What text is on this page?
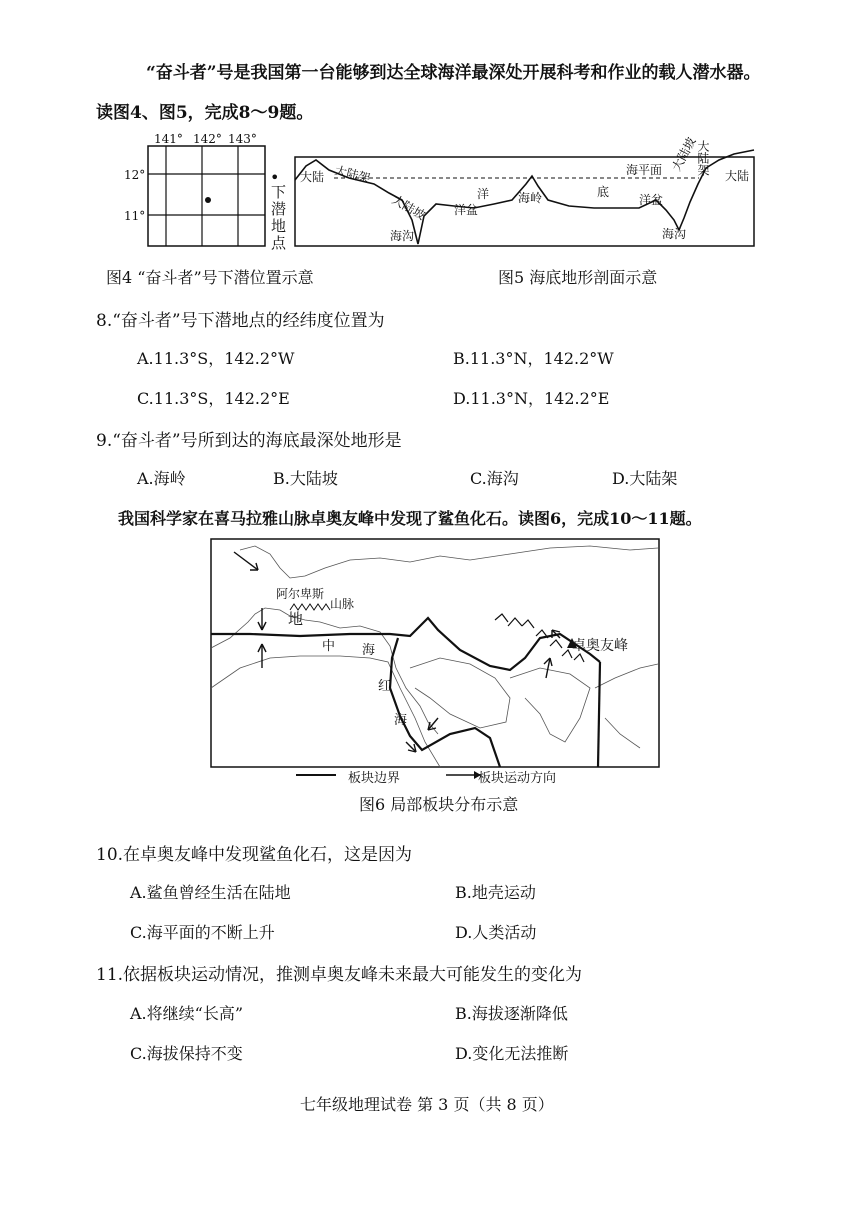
“奋斗者”号是我国第一台能够到达全球海洋最深处开展科考和作业的载人潜水器。
读图4、图5，完成8～9题。
141° 142° 143°
12°
11°
•
下潜地点
大陆 大陆架
大陆坡
海沟
洋
洋盆
海岭	底
海平面
洋盆
大陆坡
大陆架 大陆
海沟
图4 “奋斗者”号下潜位置示意	图5 海底地形剖面示意
8.“奋斗者”号下潜地点的经纬度位置为
A.11.3°S，142.2°W	B.11.3°N，142.2°W
C.11.3°S，142.2°E	D.11.3°N，142.2°E
9.“奋斗者”号所到达的海底最深处地形是
A.海岭	B.大陆坡	C.海沟	D.大陆架
我国科学家在喜马拉雅山脉卓奥友峰中发现了鲨鱼化石。读图6，完成10～11题。
阿尔卑斯
山脉
地
中 海
红
海
卓奥友峰
板块边界	板块运动方向
图6 局部板块分布示意
10.在卓奥友峰中发现鲨鱼化石，这是因为
A.鲨鱼曾经生活在陆地	B.地壳运动
C.海平面的不断上升	D.人类活动
11.依据板块运动情况，推测卓奥友峰未来最大可能发生的变化为
A.将继续“长高”	B.海拔逐渐降低
C.海拔保持不变	D.变化无法推断
七年级地理试卷 第 3 页（共 8 页）
